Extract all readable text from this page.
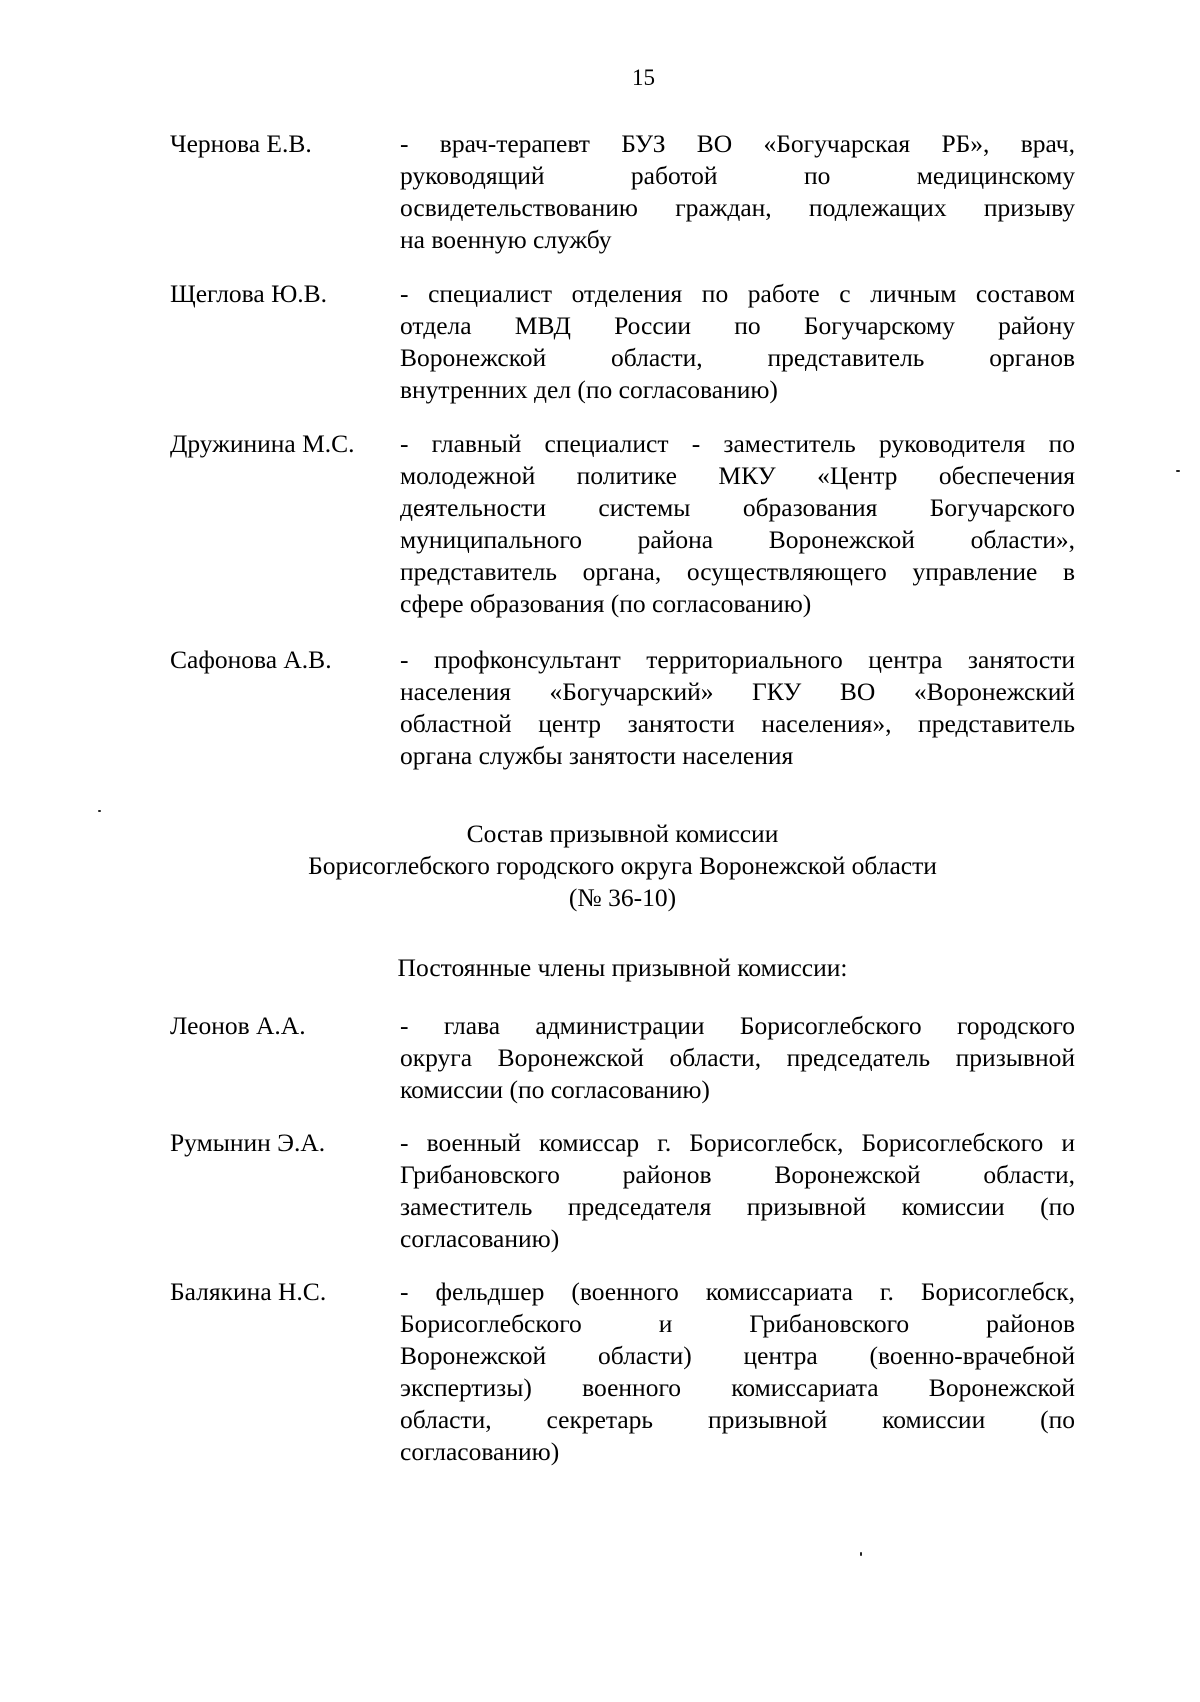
15
Чернова Е.В.	- врач-терапевт БУЗ ВО «Богучарская РБ», врач,
руководящий работой по медицинскому
освидетельствованию граждан, подлежащих призыву
на военную службу
Щеглова Ю.В.	- специалист отделения по работе с личным составом
отдела МВД России по Богучарскому району
Воронежской области, представитель органов
внутренних дел (по согласованию)
Дружинина М.С. - главный специалист - заместитель руководителя по
молодежной политике МКУ «Центр обеспечения
деятельности системы образования Богучарского
муниципального района Воронежской области»,
представитель органа, осуществляющего управление в
сфере образования (по согласованию)
Сафонова А.В.	- профконсультант территориального центра занятости
населения «Богучарский» ГКУ ВО «Воронежский
областной центр занятости населения», представитель
органа службы занятости населения
Состав призывной комиссии
Борисоглебского городского округа Воронежской области
(№ 36-10)
Постоянные члены призывной комиссии:
Леонов А.А.	- глава администрации Борисоглебского городского
округа Воронежской области, председатель призывной
комиссии (по согласованию)
Румынин Э.А.	- военный комиссар г. Борисоглебск, Борисоглебского и
Грибановского районов Воронежской области,
заместитель председателя призывной комиссии (по
согласованию)
Балякина Н.С.	- фельдшер (военного комиссариата г. Борисоглебск,
Борисоглебского и Грибановского районов
Воронежской области) центра (военно-врачебной
экспертизы) военного комиссариата Воронежской
области, секретарь призывной комиссии (по
согласованию)
